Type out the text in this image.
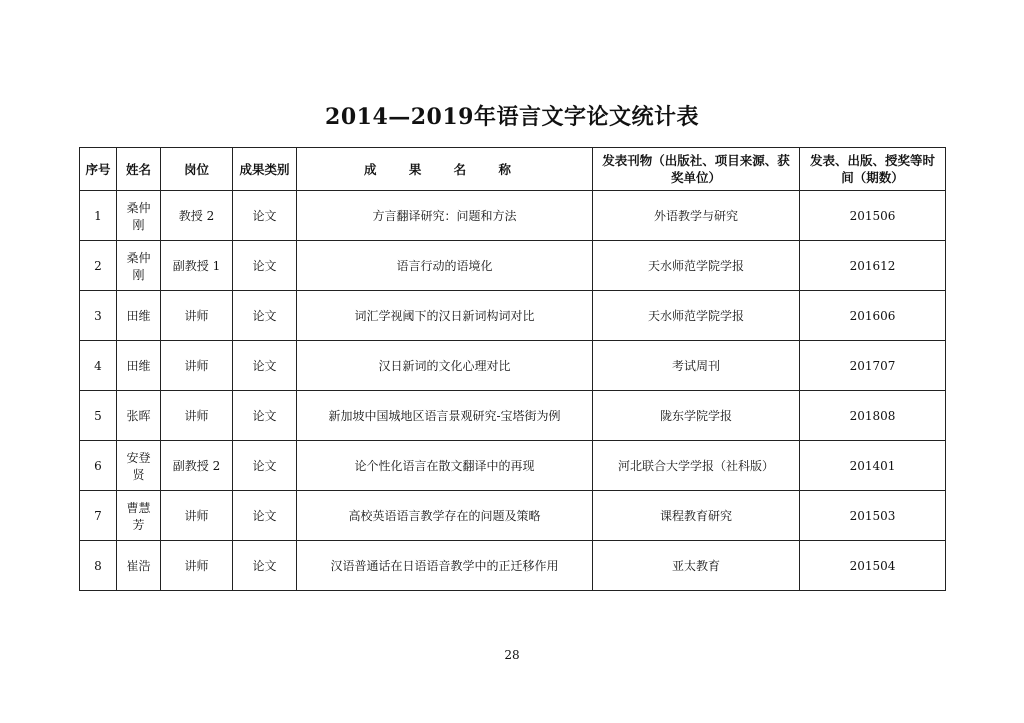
2014—2019年语言文字论文统计表
序号	姓名	岗位	成果类别	成 果 名 称	发表刊物（出版社、项目来源、获奖单位）	发表、出版、授奖等时间（期数）
1	桑仲刚	教授 2	论文	方言翻译研究：问题和方法	外语教学与研究	201506
2	桑仲刚	副教授 1	论文	语言行动的语境化	天水师范学院学报	201612
3	田维	讲师	论文	词汇学视阈下的汉日新词构词对比	天水师范学院学报	201606
4	田维	讲师	论文	汉日新词的文化心理对比	考试周刊	201707
5	张晖	讲师	论文	新加坡中国城地区语言景观研究-宝塔街为例	陇东学院学报	201808
6	安登贤	副教授 2	论文	论个性化语言在散文翻译中的再现	河北联合大学学报（社科版）	201401
7	曹慧芳	讲师	论文	高校英语语言教学存在的问题及策略	课程教育研究	201503
8	崔浩	讲师	论文	汉语普通话在日语语音教学中的正迁移作用	亚太教育	201504
28
